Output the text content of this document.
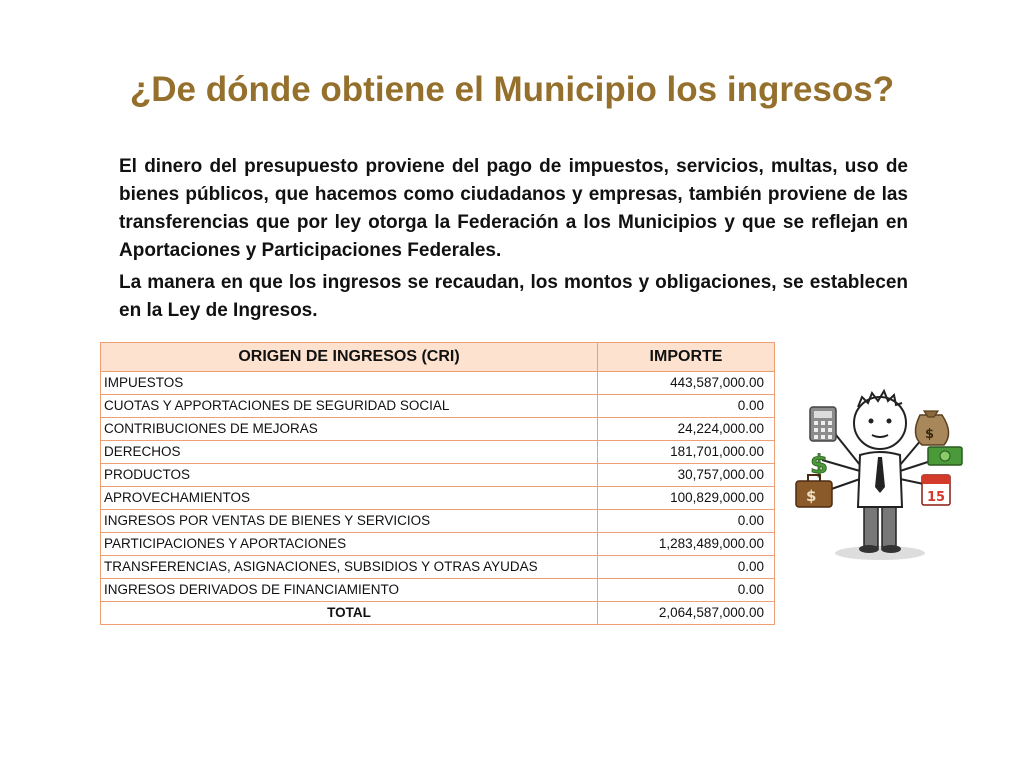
¿De dónde obtiene el Municipio los ingresos?

El dinero del presupuesto proviene del pago de impuestos, servicios, multas, uso de bienes públicos, que hacemos como ciudadanos y empresas, también proviene de las transferencias que por ley otorga la Federación a los Municipios y que se reflejan en Aportaciones y Participaciones Federales.

La manera en que los ingresos se recaudan, los montos y obligaciones, se establecen en la Ley de Ingresos.

ORIGEN DE INGRESOS (CRI)	IMPORTE
IMPUESTOS	443,587,000.00
CUOTAS Y APPORTACIONES DE SEGURIDAD SOCIAL	0.00
CONTRIBUCIONES DE MEJORAS	24,224,000.00
DERECHOS	181,701,000.00
PRODUCTOS	30,757,000.00
APROVECHAMIENTOS	100,829,000.00
INGRESOS POR VENTAS DE BIENES Y SERVICIOS	0.00
PARTICIPACIONES Y APORTACIONES	1,283,489,000.00
TRANSFERENCIAS, ASIGNACIONES, SUBSIDIOS Y OTRAS AYUDAS	0.00
INGRESOS DERIVADOS DE FINANCIAMIENTO	0.00
TOTAL	2,064,587,000.00
$
$
$	15
